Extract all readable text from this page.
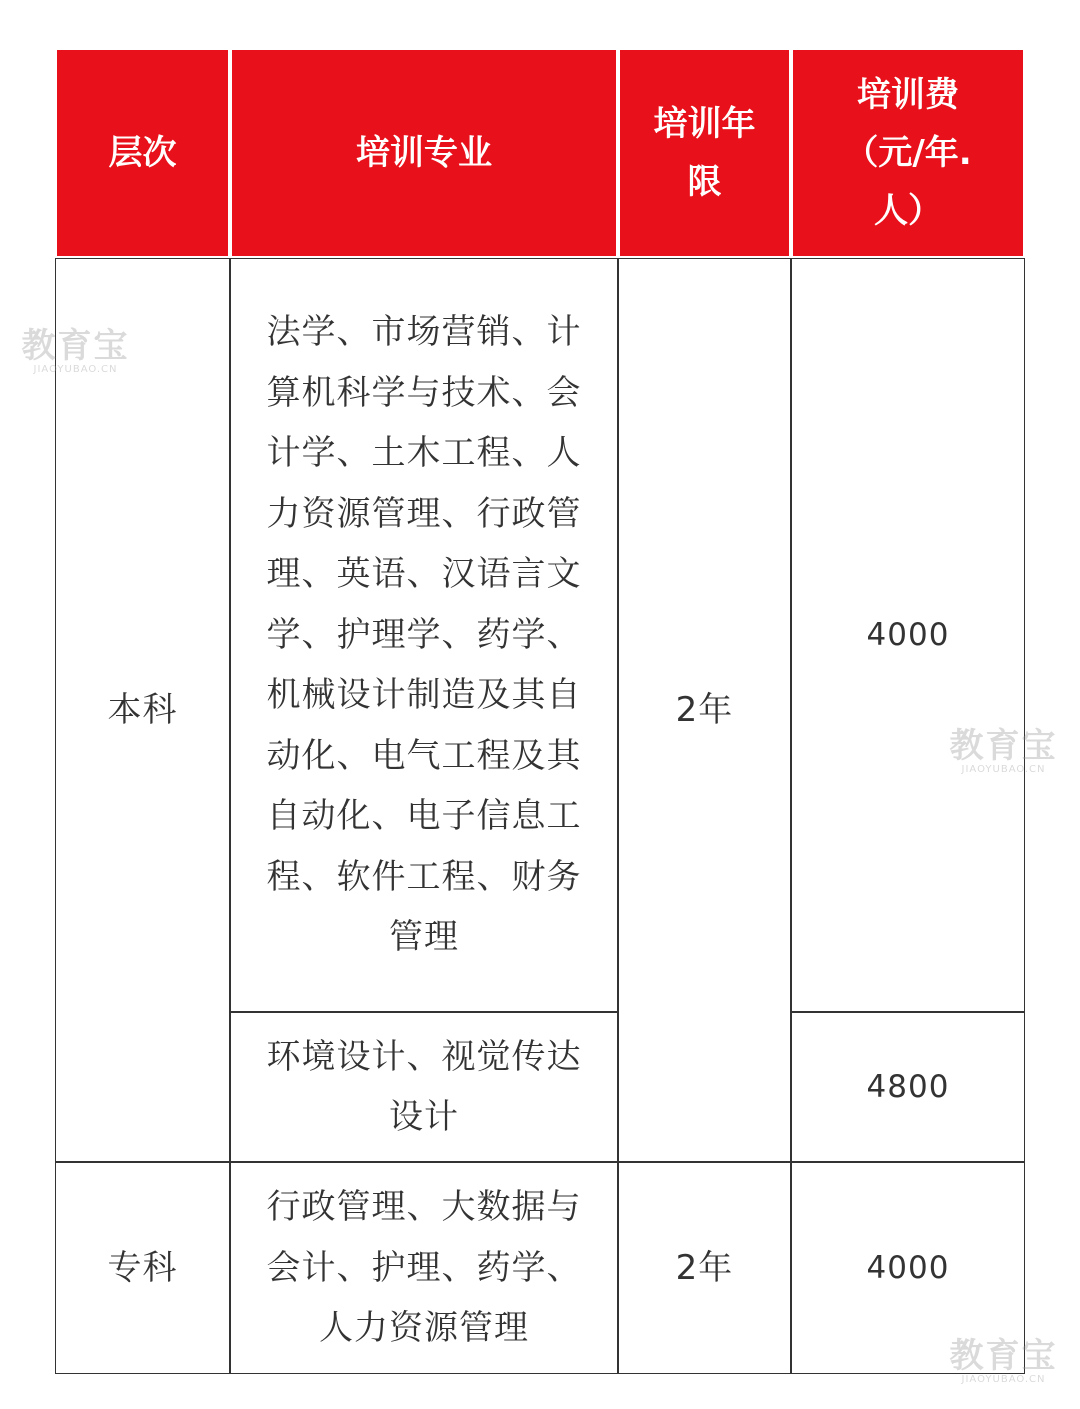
层次	培训专业
培训年
限
培训费
（元/年.
人）
本科
法学、市场营销、计算机科学与技术、会计学、土木工程、人力资源管理、行政管理、英语、汉语言文学、护理学、药学、机械设计制造及其自动化、电气工程及其自动化、电子信息工程、软件工程、财务管理
2年
4000
环境设计、视觉传达设计
4800
专科
行政管理、大数据与会计、护理、药学、人力资源管理
2年	4000
教育宝
JIAOYUBAO.CN
教育宝
JIAOYUBAO.CN
教育宝
JIAOYUBAO.CN
